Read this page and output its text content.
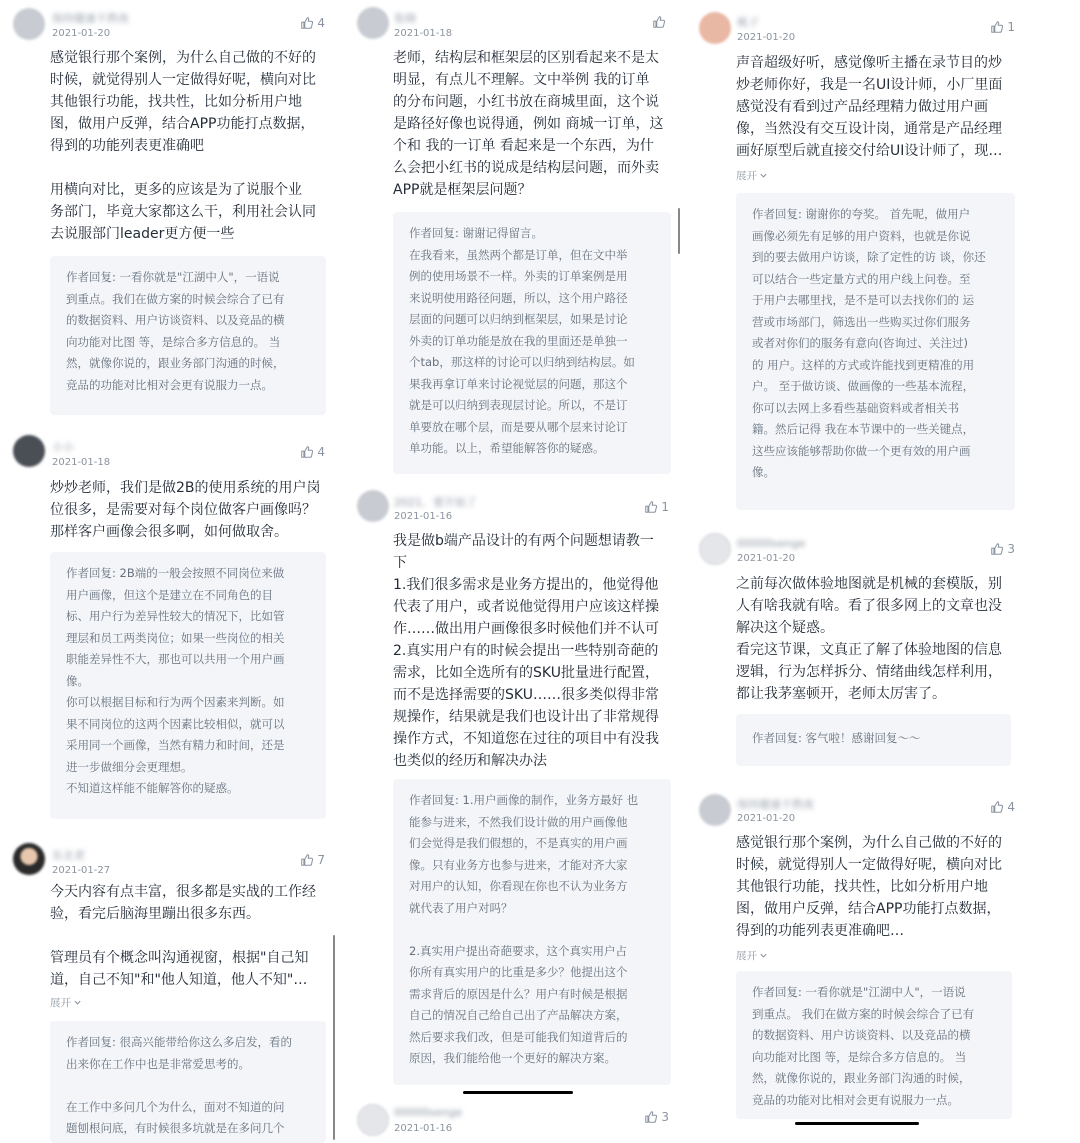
保持健康不熬夜
2021-01-20
4
感觉银行那个案例，为什么自己做的不好的
时候，就觉得别人一定做得好呢，横向对比
其他银行功能，找共性，比如分析用户地
图，做用户反弹，结合APP功能打点数据，
得到的功能列表更准确吧

用横向对比，更多的应该是为了说服个业
务部门，毕竟大家都这么干，利用社会认同
去说服部门leader更方便一些
作者回复: 一看你就是"江湖中人"，一语说
到重点。我们在做方案的时候会综合了已有
的数据资料、用户访谈资料、以及竞品的横
向功能对比图 等，是综合多方信息的。 当
然，就像你说的，跟业务部门沟通的时候，
竞品的功能对比相对会更有说服力一点。
小小
2021-01-18
4
炒炒老师，我们是做2B的使用系统的用户岗
位很多，是需要对每个岗位做客户画像吗？
那样客户画像会很多啊，如何做取舍。
作者回复: 2B端的一般会按照不同岗位来做
用户画像，但这个是建立在不同角色的目
标、用户行为差异性较大的情况下，比如管
理层和员工两类岗位；如果一些岗位的相关
职能差异性不大，那也可以共用一个用户画
像。
你可以根据目标和行为两个因素来判断。如
果不同岗位的这两个因素比较相似，就可以
采用同一个画像，当然有精力和时间，还是
进一步做细分会更理想。
不知道这样能不能解答你的疑惑。
东北老
2021-01-27
7
今天内容有点丰富，很多都是实战的工作经
验，看完后脑海里蹦出很多东西。

管理员有个概念叫沟通视窗，根据"自己知
道，自己不知"和"他人知道，他人不知"…
展开
作者回复: 很高兴能带给你这么多启发，看的
出来你在工作中也是非常爱思考的。

在工作中多问几个为什么，面对不知道的问
题刨根问底，有时候很多坑就是在多问几个
张晓
2021-01-18
老师，结构层和框架层的区别看起来不是太
明显，有点儿不理解。文中举例 我的订单
的分布问题，小红书放在商城里面，这个说
是路径好像也说得通，例如 商城一订单，这
个和 我的一订单 看起来是一个东西，为什
么会把小红书的说成是结构层问题，而外卖
APP就是框架层问题？
作者回复: 谢谢记得留言。
在我看来，虽然两个都是订单，但在文中举
例的使用场景不一样。外卖的订单案例是用
来说明使用路径问题，所以，这个用户路径
层面的问题可以归纳到框架层，如果是讨论
外卖的订单功能是放在我的里面还是单独一
个tab，那这样的讨论可以归纳到结构层。如
果我再拿订单来讨论视觉层的问题，那这个
就是可以归纳到表现层讨论。所以，不是订
单要放在哪个层，而是要从哪个层来讨论订
单功能。以上，希望能解答你的疑惑。
2021、要开始了
2021-01-16
1
我是做b端产品设计的有两个问题想请教一
下
1.我们很多需求是业务方提出的，他觉得他
代表了用户，或者说他觉得用户应该这样操
作……做出用户画像很多时候他们并不认可
2.真实用户有的时候会提出一些特别奇葩的
需求，比如全选所有的SKU批量进行配置，
而不是选择需要的SKU……很多类似得非常
规操作，结果就是我们也设计出了非常规得
操作方式，不知道您在过往的项目中有没我
也类似的经历和解决办法
作者回复: 1.用户画像的制作，业务方最好 也
能参与进来，不然我们设计做的用户画像他
们会觉得是我们假想的，不是真实的用户画
像。只有业务方也参与进来，才能对齐大家
对用户的认知，你看现在你也不认为业务方
就代表了用户对吗？

2.真实用户提出奇葩要求，这个真实用户占
你所有真实用户的比重是多少？他提出这个
需求背后的原因是什么？用户有时候是根据
自己的情况自己给自己出了产品解决方案，
然后要求我们改，但是可能我们知道背后的
原因，我们能给他一个更好的解决方案。
00000senge
2021-01-16
3
桃子
2021-01-20
1
声音超级好听，感觉像听主播在录节目的炒
炒老师你好，我是一名UI设计师，小厂里面
感觉没有看到过产品经理精力做过用户画
像，当然没有交互设计岗，通常是产品经理
画好原型后就直接交付给UI设计师了，现…
展开
作者回复: 谢谢你的夸奖。 首先呢，做用户
画像必须先有足够的用户资料，也就是你说
到的要去做用户访谈，除了定性的访 谈，你还
可以结合一些定量方式的用户线上问卷。至
于用户去哪里找，是不是可以去找你们的 运
营或市场部门，筛选出一些购买过你们服务
或者对你们的服务有意向(咨询过、关注过)
的 用户。这样的方式或许能找到更精准的用
户。 至于做访谈、做画像的一些基本流程，
你可以去网上多看些基础资料或者相关书
籍。然后记得 我在本节课中的一些关键点，
这些应该能够帮助你做一个更有效的用户画
像。
00000senge
2021-01-20
3
之前每次做体验地图就是机械的套模版，别
人有啥我就有啥。看了很多网上的文章也没
解决这个疑惑。
看完这节课，文真正了解了体验地图的信息
逻辑，行为怎样拆分、情绪曲线怎样利用，
都让我茅塞顿开，老师太厉害了。
作者回复: 客气啦！感谢回复～～
保持健康不熬夜
2021-01-20
4
感觉银行那个案例，为什么自己做的不好的
时候，就觉得别人一定做得好呢，横向对比
其他银行功能，找共性，比如分析用户地
图，做用户反弹，结合APP功能打点数据，
得到的功能列表更准确吧…
展开
作者回复: 一看你就是"江湖中人"，一语说
到重点。 我们在做方案的时候会综合了已有
的数据资料、用户访谈资料、以及竞品的横
向功能对比图 等，是综合多方信息的。 当
然，就像你说的，跟业务部门沟通的时候，
竞品的功能对比相对会更有说服力一点。
